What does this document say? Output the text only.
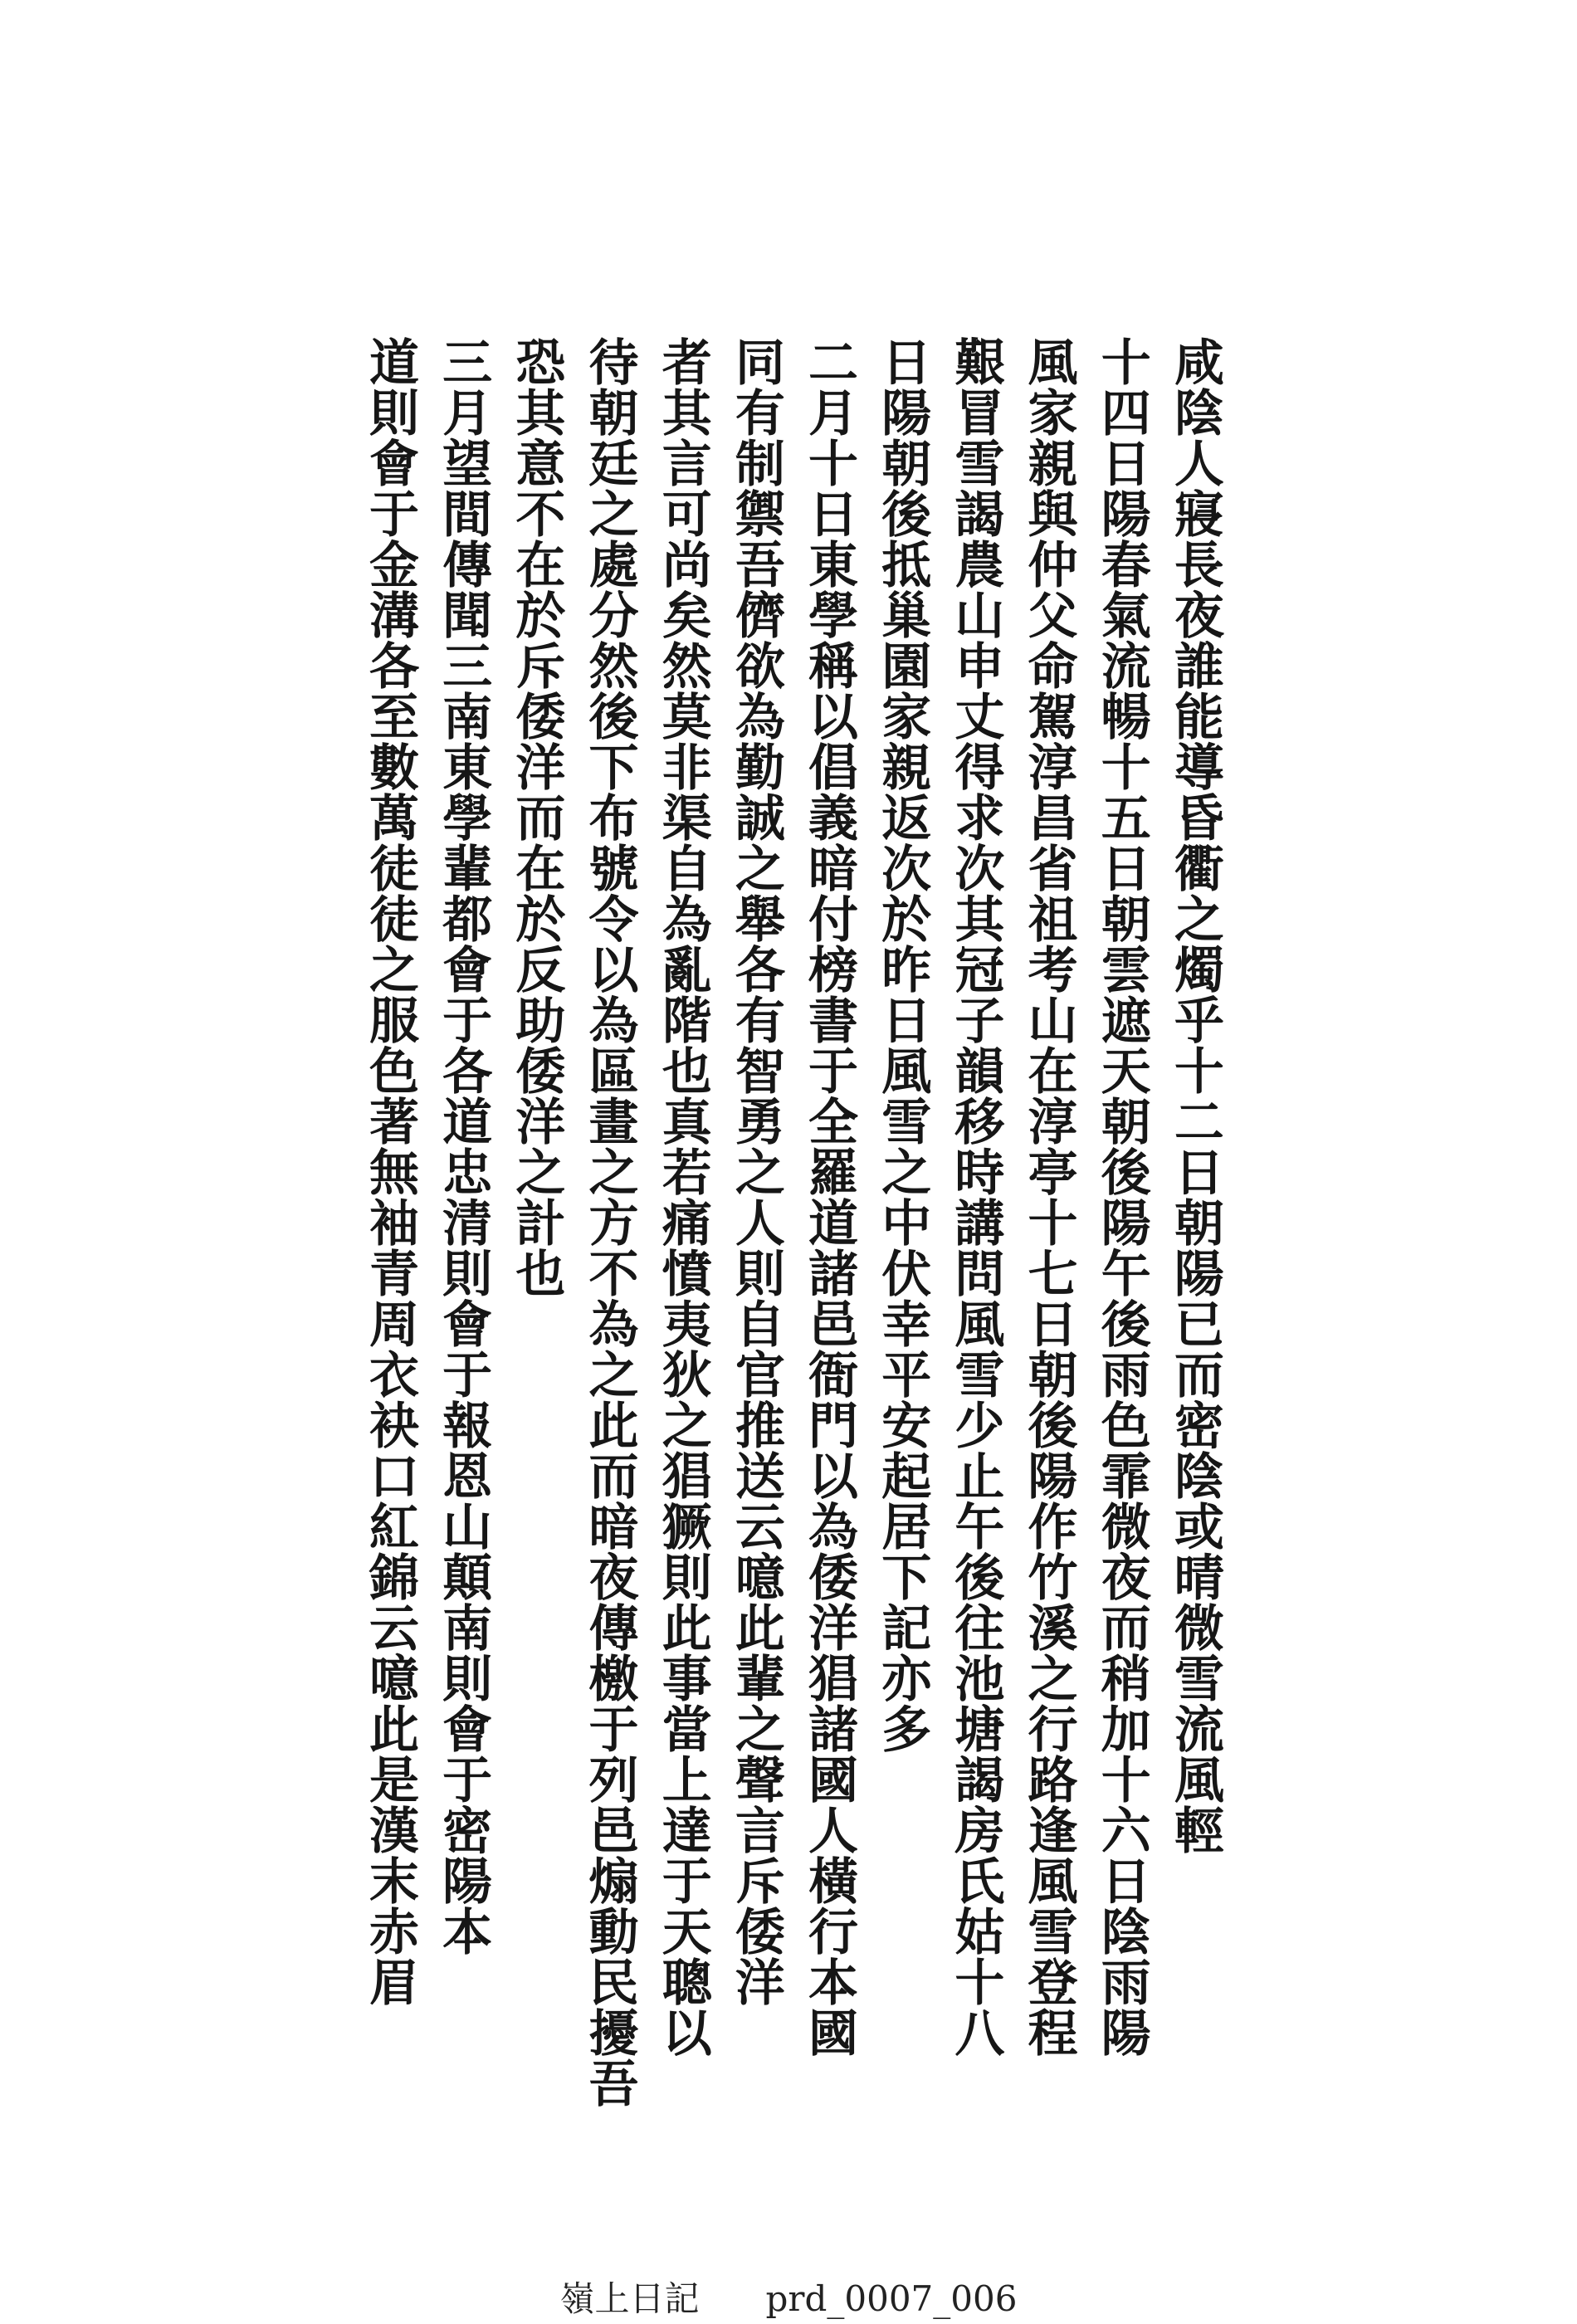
咸陰人寢長夜誰能導昏衢之燭乎十二日朝陽已而密陰或晴微雪流風輕
十四日陽春氣流暢十五日朝雲遮天朝後陽午後雨色霏微夜而稍加十六日陰雨陽
風家親與仲父命駕淳昌省祖考山在淳亭十七日朝後陽作竹溪之行路逢風雪登程
艱冒雪謁農山申丈得求次其冠子韻移時講問風雪少止午後往池塘謁房氏姑十八
日陽朝後抵巢園家親返次於昨日風雪之中伏幸平安起居下記亦多
二月十日東學稱以倡義暗付榜書于全羅道諸邑衙門以為倭洋猖諸國人橫行本國
同有制禦吾儕欲為勤誠之舉各有智勇之人則自官推送云噫此輩之聲言斥倭洋
者其言可尚矣然莫非渠自為亂階也真若痛憤夷狄之猖獗則此事當上達于天聰以
待朝廷之處分然後下布號令以為區畫之方不為之此而暗夜傳檄于列邑煽動民擾吾
恐其意不在於斥倭洋而在於反助倭洋之計也
三月望間傳聞三南東學輩都會于各道忠清則會于報恩山顛南則會于密陽本
道則會于金溝各至數萬徒徒之服色著無袖青周衣袂口紅錦云噫此是漢末赤眉
嶺上日記 prd_0007_006
